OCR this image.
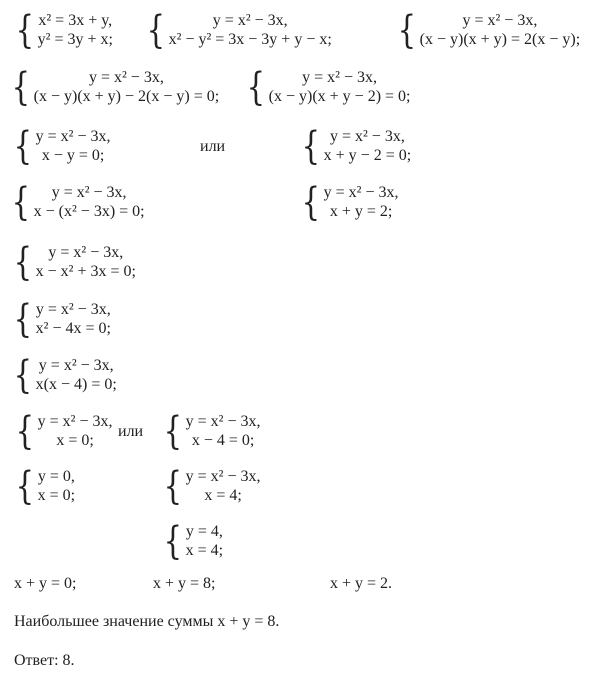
{ x² = 3x + y,
y² = 3y + x; {	y = x² − 3x,
x² − y² = 3x − 3y + y − x; {	y = x² − 3x,
(x − y)(x + y) = 2(x − y);
{	y = x² − 3x,
(x − y)(x + y) − 2(x − y) = 0; { y = x² − 3x,
(x − y)(x + y − 2) = 0;
{ y = x² − 3x,
x − y = 0;
или { y = x² − 3x,
x + y − 2 = 0;
{ y = x² − 3x,
x − (x² − 3x) = 0;	{ y = x² − 3x,
x + y = 2;
{ y = x² − 3x,
x − x² + 3x = 0;
{ y = x² − 3x,
x² − 4x = 0;
{ y = x² − 3x,
x(x − 4) = 0;
{ y = x² − 3x,
x = 0;
или { y = x² − 3x,
x − 4 = 0;
{ y = 0,
x = 0;	{ y = x² − 3x,
x = 4;
{ y = 4,
x = 4;
x + y = 0;	x + y = 8;	x + y = 2.
Наибольшее значение суммы x + y = 8.
Ответ: 8.
